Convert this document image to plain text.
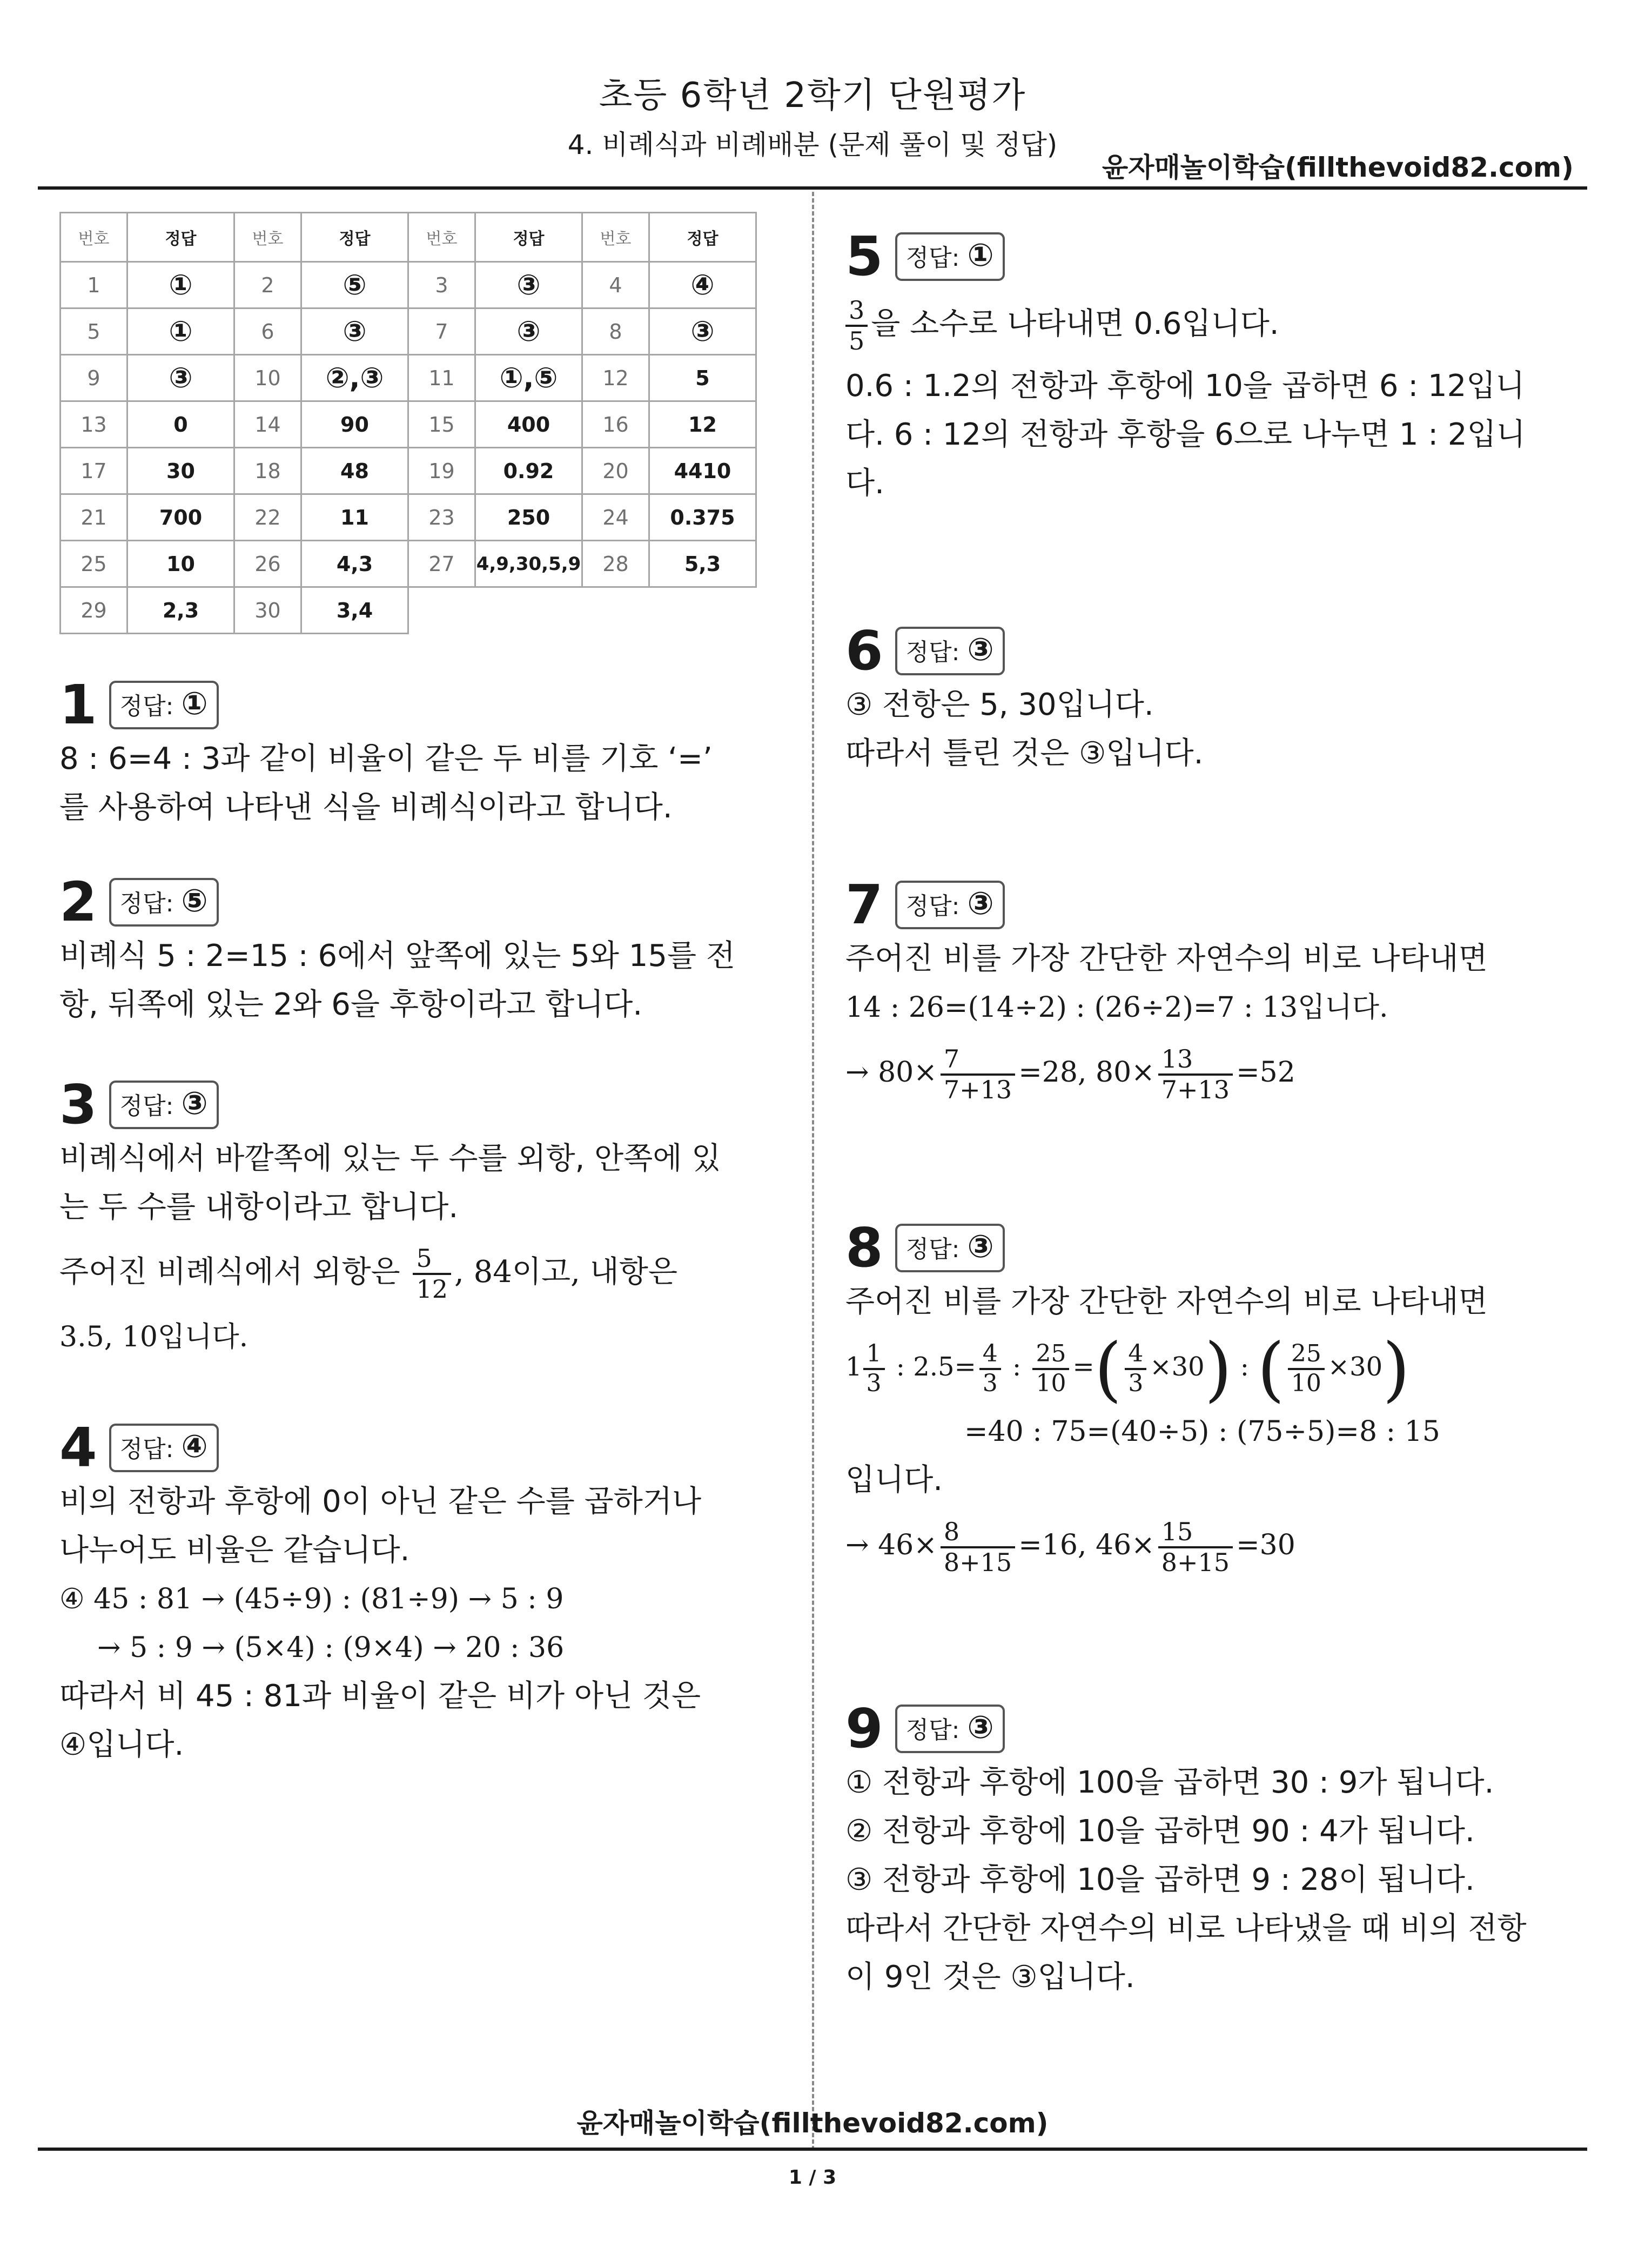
초등 6학년 2학기 단원평가
4. 비례식과 비례배분 (문제 풀이 및 정답)
윤자매놀이학습(fillthevoid82.com)
번호	정답	번호	정답	번호	정답	번호	정답
1	①	2	⑤	3	③	4	④
5	①	6	③	7	③	8	③
9	③	10	②,③	11	①,⑤	12	5
13	0	14	90	15	400	16	12
17	30	18	48	19	0.92	20	4410
21	700	22	11	23	250	24	0.375
25	10	26	4,3	27	4,9,30,5,9	28	5,3
29	2,3	30	3,4				
1 정답: ①
8 : 6=4 : 3과 같이 비율이 같은 두 비를 기호 ‘=’
를 사용하여 나타낸 식을 비례식이라고 합니다.
2 정답: ⑤
비례식 5 : 2=15 : 6에서 앞쪽에 있는 5와 15를 전
항, 뒤쪽에 있는 2와 6을 후항이라고 합니다.
3 정답: ③
비례식에서 바깥쪽에 있는 두 수를 외항, 안쪽에 있
는 두 수를 내항이라고 합니다.
주어진 비례식에서 외항은 $\frac{5}{12}$ , 84이고, 내항은
3.5, 10입니다.
4 정답: ④
비의 전항과 후항에 0이 아닌 같은 수를 곱하거나
나누어도 비율은 같습니다.
④ 45 : 81 → (45÷9) : (81÷9) → 5 : 9
→ 5 : 9 → (5×4) : (9×4) → 20 : 36
따라서 비 45 : 81과 비율이 같은 비가 아닌 것은
④입니다.
5 정답: ①
$\frac{3}{5}$ 을 소수로 나타내면 0.6입니다.
0.6 : 1.2의 전항과 후항에 10을 곱하면 6 : 12입니
다. 6 : 12의 전항과 후항을 6으로 나누면 1 : 2입니
다.
6 정답: ③
③ 전항은 5, 30입니다.
따라서 틀린 것은 ③입니다.
7 정답: ③
주어진 비를 가장 간단한 자연수의 비로 나타내면
14 : 26=(14÷2) : (26÷2)=7 : 13입니다.
→ $80\times \frac{7}{7+13} =28$, $80\times \frac{13}{7+13} =52$
8 정답: ③
주어진 비를 가장 간단한 자연수의 비로 나타내면
$1 \frac{1}{3}$ : $2.5= \frac{4}{3}$ : $\frac{25}{10}$ =( $\frac{4}{3} \times 30$) : ( $\frac{25}{10} \times 30$)
=40 : 75=(40÷5) : (75÷5)=8 : 15
입니다.
→ $46\times \frac{8}{8+15} =16$, $46\times \frac{15}{8+15} =30$
9 정답: ③
① 전항과 후항에 100을 곱하면 30 : 9가 됩니다.
② 전항과 후항에 10을 곱하면 90 : 4가 됩니다.
③ 전항과 후항에 10을 곱하면 9 : 28이 됩니다.
따라서 간단한 자연수의 비로 나타냈을 때 비의 전항
이 9인 것은 ③입니다.
윤자매놀이학습(fillthevoid82.com)
1 / 3
